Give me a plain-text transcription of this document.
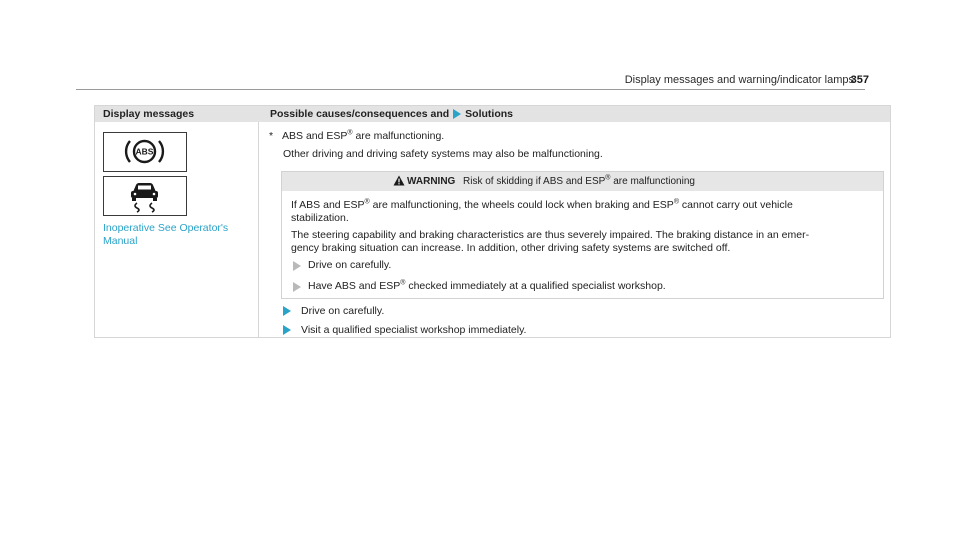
Display messages and warning/indicator lamps
357
Display messages	Possible causes/consequences and Solutions
ABS
Inoperative See Operator's Manual
* ABS and ESP® are malfunctioning.
Other driving and driving safety systems may also be malfunctioning.
WARNING Risk of skidding if ABS and ESP® are malfunctioning
If ABS and ESP® are malfunctioning, the wheels could lock when braking and ESP® cannot carry out vehicle
stabilization.
The steering capability and braking characteristics are thus severely impaired. The braking distance in an emer-
gency braking situation can increase. In addition, other driving safety systems are switched off.
Drive on carefully.
Have ABS and ESP® checked immediately at a qualified specialist workshop.
Drive on carefully.
Visit a qualified specialist workshop immediately.
